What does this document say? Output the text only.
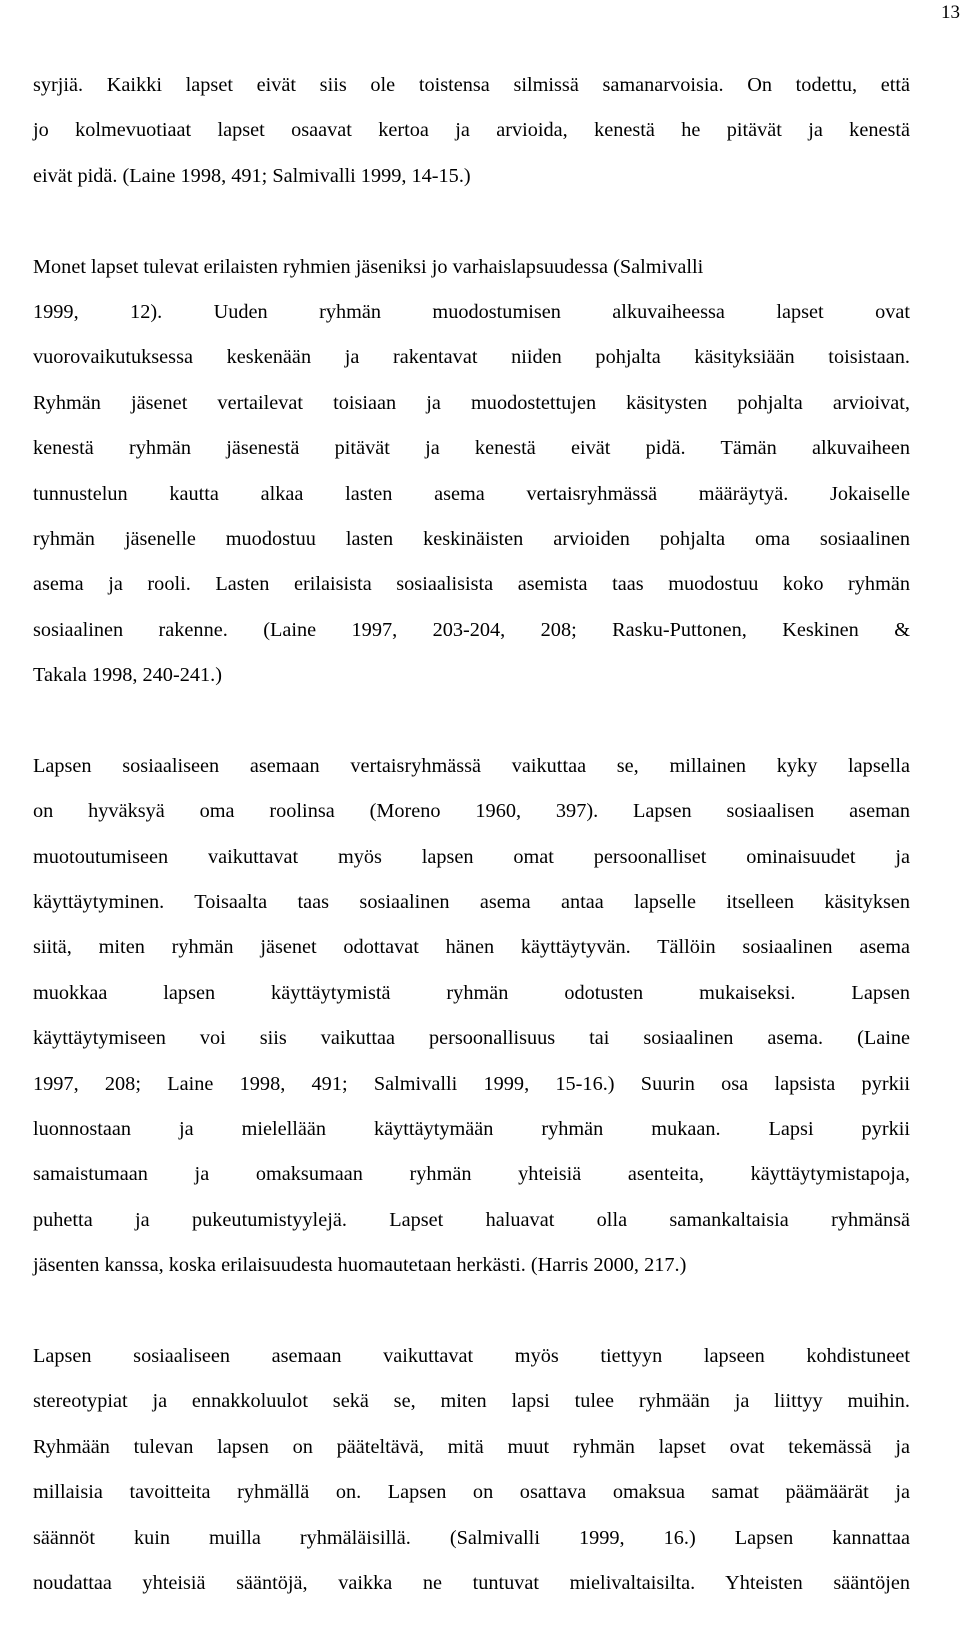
13
syrjiä. Kaikki lapset eivät siis ole toistensa silmissä samanarvoisia. On todettu, että
jo kolmevuotiaat lapset osaavat kertoa ja arvioida, kenestä he pitävät ja kenestä
eivät pidä. (Laine 1998, 491; Salmivalli 1999, 14-15.)
Monet lapset tulevat erilaisten ryhmien jäseniksi jo varhaislapsuudessa (Salmivalli
1999, 12). Uuden ryhmän muodostumisen alkuvaiheessa lapset ovat
vuorovaikutuksessa keskenään ja rakentavat niiden pohjalta käsityksiään toisistaan.
Ryhmän jäsenet vertailevat toisiaan ja muodostettujen käsitysten pohjalta arvioivat,
kenestä ryhmän jäsenestä pitävät ja kenestä eivät pidä. Tämän alkuvaiheen
tunnustelun kautta alkaa lasten asema vertaisryhmässä määräytyä. Jokaiselle
ryhmän jäsenelle muodostuu lasten keskinäisten arvioiden pohjalta oma sosiaalinen
asema ja rooli. Lasten erilaisista sosiaalisista asemista taas muodostuu koko ryhmän
sosiaalinen rakenne. (Laine 1997, 203-204, 208; Rasku-Puttonen, Keskinen &
Takala 1998, 240-241.)
Lapsen sosiaaliseen asemaan vertaisryhmässä vaikuttaa se, millainen kyky lapsella
on hyväksyä oma roolinsa (Moreno 1960, 397). Lapsen sosiaalisen aseman
muotoutumiseen vaikuttavat myös lapsen omat persoonalliset ominaisuudet ja
käyttäytyminen. Toisaalta taas sosiaalinen asema antaa lapselle itselleen käsityksen
siitä, miten ryhmän jäsenet odottavat hänen käyttäytyvän. Tällöin sosiaalinen asema
muokkaa lapsen käyttäytymistä ryhmän odotusten mukaiseksi. Lapsen
käyttäytymiseen voi siis vaikuttaa persoonallisuus tai sosiaalinen asema. (Laine
1997, 208; Laine 1998, 491; Salmivalli 1999, 15-16.) Suurin osa lapsista pyrkii
luonnostaan ja mielellään käyttäytymään ryhmän mukaan. Lapsi pyrkii
samaistumaan ja omaksumaan ryhmän yhteisiä asenteita, käyttäytymistapoja,
puhetta ja pukeutumistyylejä. Lapset haluavat olla samankaltaisia ryhmänsä
jäsenten kanssa, koska erilaisuudesta huomautetaan herkästi. (Harris 2000, 217.)
Lapsen sosiaaliseen asemaan vaikuttavat myös tiettyyn lapseen kohdistuneet
stereotypiat ja ennakkoluulot sekä se, miten lapsi tulee ryhmään ja liittyy muihin.
Ryhmään tulevan lapsen on pääteltävä, mitä muut ryhmän lapset ovat tekemässä ja
millaisia tavoitteita ryhmällä on. Lapsen on osattava omaksua samat päämäärät ja
säännöt kuin muilla ryhmäläisillä. (Salmivalli 1999, 16.) Lapsen kannattaa
noudattaa yhteisiä sääntöjä, vaikka ne tuntuvat mielivaltaisilta. Yhteisten sääntöjen
